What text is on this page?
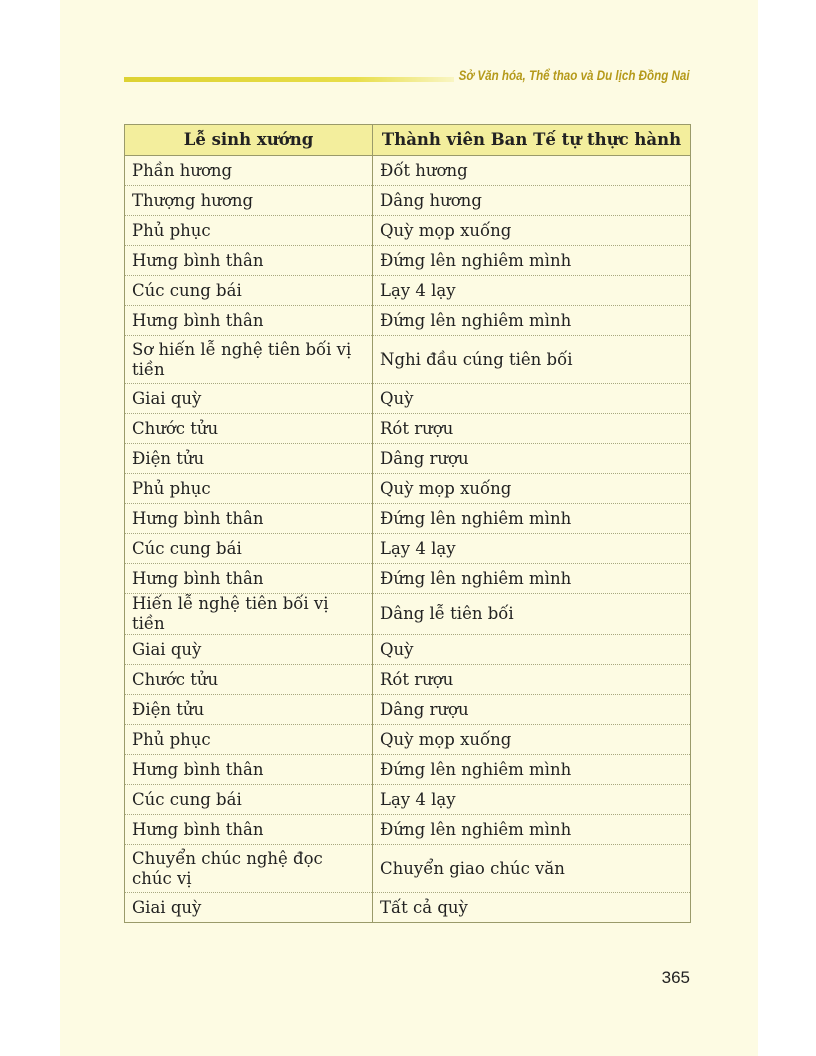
Sở Văn hóa, Thể thao và Du lịch Đồng Nai
Lễ sinh xướng	Thành viên Ban Tế tự thực hành
Phần hương	Đốt hương
Thượng hương	Dâng hương
Phủ phục	Quỳ mọp xuống
Hưng bình thân	Đứng lên nghiêm mình
Cúc cung bái	Lạy 4 lạy
Hưng bình thân	Đứng lên nghiêm mình
Sơ hiến lễ nghệ tiên bối vị tiền	Nghi đầu cúng tiên bối
Giai quỳ	Quỳ
Chước tửu	Rót rượu
Điện tửu	Dâng rượu
Phủ phục	Quỳ mọp xuống
Hưng bình thân	Đứng lên nghiêm mình
Cúc cung bái	Lạy 4 lạy
Hưng bình thân	Đứng lên nghiêm mình
Hiến lễ nghệ tiên bối vị tiền	Dâng lễ tiên bối
Giai quỳ	Quỳ
Chước tửu	Rót rượu
Điện tửu	Dâng rượu
Phủ phục	Quỳ mọp xuống
Hưng bình thân	Đứng lên nghiêm mình
Cúc cung bái	Lạy 4 lạy
Hưng bình thân	Đứng lên nghiêm mình
Chuyển chúc nghệ đọc chúc vị	Chuyển giao chúc văn
Giai quỳ	Tất cả quỳ
365
